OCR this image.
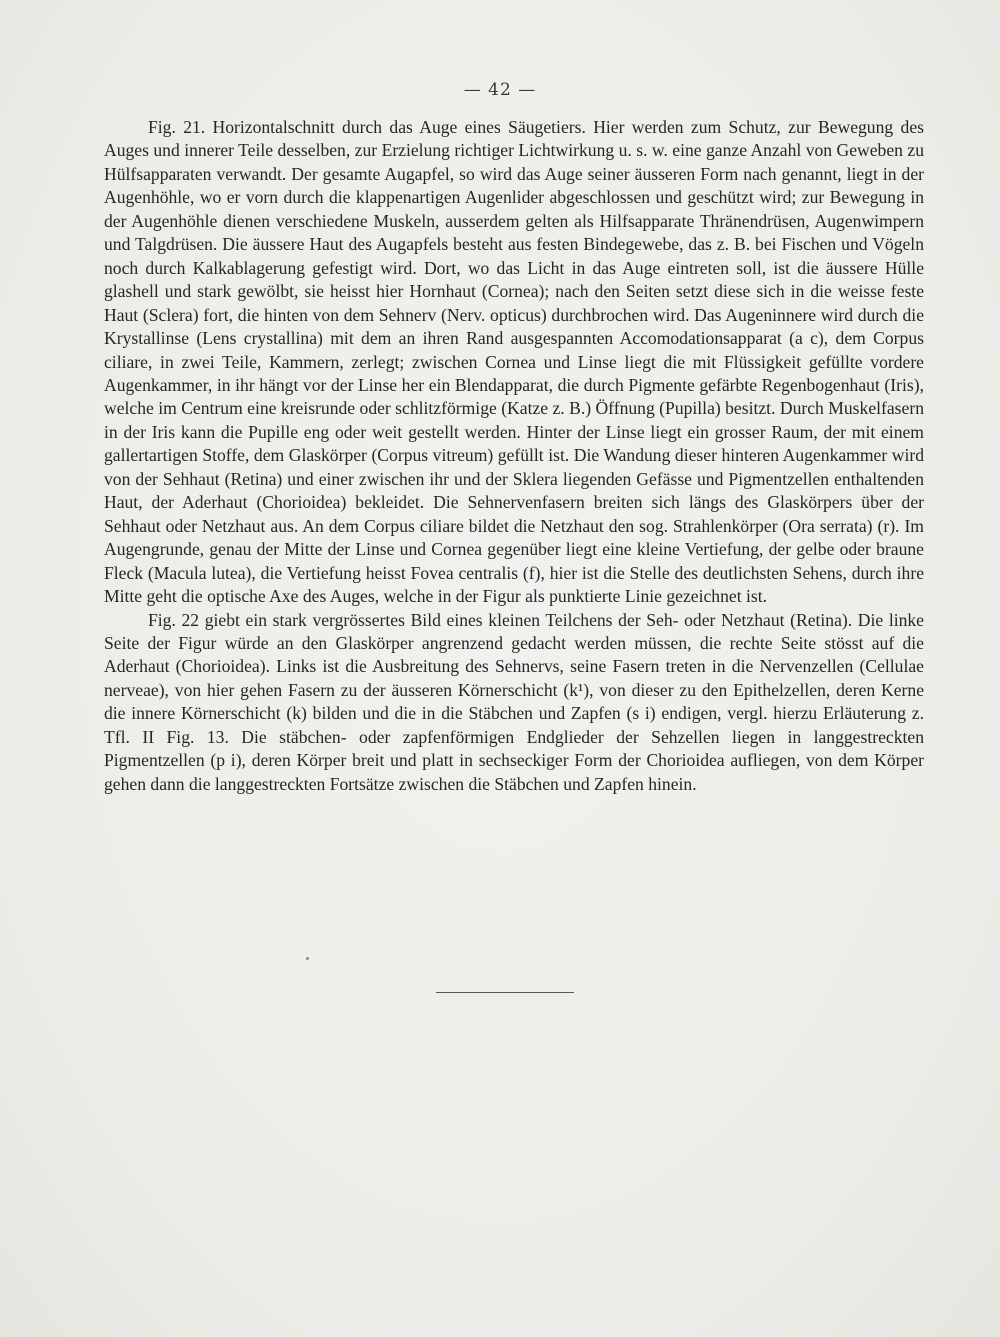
— 42 —

Fig. 21. Horizontalschnitt durch das Auge eines Säugetiers. Hier werden zum Schutz, zur Bewegung des Auges und innerer Teile desselben, zur Erzielung richtiger Lichtwirkung u. s. w. eine ganze Anzahl von Geweben zu Hülfsapparaten verwandt. Der gesamte Augapfel, so wird das Auge seiner äusseren Form nach genannt, liegt in der Augenhöhle, wo er vorn durch die klappenartigen Augenlider abgeschlossen und geschützt wird; zur Bewegung in der Augenhöhle dienen verschiedene Muskeln, ausserdem gelten als Hilfsapparate Thränendrüsen, Augenwimpern und Talgdrüsen. Die äussere Haut des Augapfels besteht aus festen Bindegewebe, das z. B. bei Fischen und Vögeln noch durch Kalkablagerung gefestigt wird. Dort, wo das Licht in das Auge eintreten soll, ist die äussere Hülle glashell und stark gewölbt, sie heisst hier Hornhaut (Cornea); nach den Seiten setzt diese sich in die weisse feste Haut (Sclera) fort, die hinten von dem Sehnerv (Nerv. opticus) durchbrochen wird. Das Augeninnere wird durch die Krystallinse (Lens crystallina) mit dem an ihren Rand ausgespannten Accomodationsapparat (a c), dem Corpus ciliare, in zwei Teile, Kammern, zerlegt; zwischen Cornea und Linse liegt die mit Flüssigkeit gefüllte vordere Augenkammer, in ihr hängt vor der Linse her ein Blendapparat, die durch Pigmente gefärbte Regenbogenhaut (Iris), welche im Centrum eine kreisrunde oder schlitzförmige (Katze z. B.) Öffnung (Pupilla) besitzt. Durch Muskelfasern in der Iris kann die Pupille eng oder weit gestellt werden. Hinter der Linse liegt ein grosser Raum, der mit einem gallertartigen Stoffe, dem Glaskörper (Corpus vitreum) gefüllt ist. Die Wandung dieser hinteren Augenkammer wird von der Sehhaut (Retina) und einer zwischen ihr und der Sklera liegenden Gefässe und Pigmentzellen enthaltenden Haut, der Aderhaut (Chorioidea) bekleidet. Die Sehnervenfasern breiten sich längs des Glaskörpers über der Sehhaut oder Netzhaut aus. An dem Corpus ciliare bildet die Netzhaut den sog. Strahlenkörper (Ora serrata) (r). Im Augengrunde, genau der Mitte der Linse und Cornea gegenüber liegt eine kleine Vertiefung, der gelbe oder braune Fleck (Macula lutea), die Vertiefung heisst Fovea centralis (f), hier ist die Stelle des deutlichsten Sehens, durch ihre Mitte geht die optische Axe des Auges, welche in der Figur als punktierte Linie gezeichnet ist.

Fig. 22 giebt ein stark vergrössertes Bild eines kleinen Teilchens der Seh- oder Netzhaut (Retina). Die linke Seite der Figur würde an den Glaskörper angrenzend gedacht werden müssen, die rechte Seite stösst auf die Aderhaut (Chorioidea). Links ist die Ausbreitung des Sehnervs, seine Fasern treten in die Nervenzellen (Cellulae nerveae), von hier gehen Fasern zu der äusseren Körnerschicht (k¹), von dieser zu den Epithelzellen, deren Kerne die innere Körnerschicht (k) bilden und die in die Stäbchen und Zapfen (s i) endigen, vergl. hierzu Erläuterung z. Tfl. II Fig. 13. Die stäbchen- oder zapfenförmigen Endglieder der Sehzellen liegen in langgestreckten Pigmentzellen (p i), deren Körper breit und platt in sechseckiger Form der Chorioidea aufliegen, von dem Körper gehen dann die langgestreckten Fortsätze zwischen die Stäbchen und Zapfen hinein.
